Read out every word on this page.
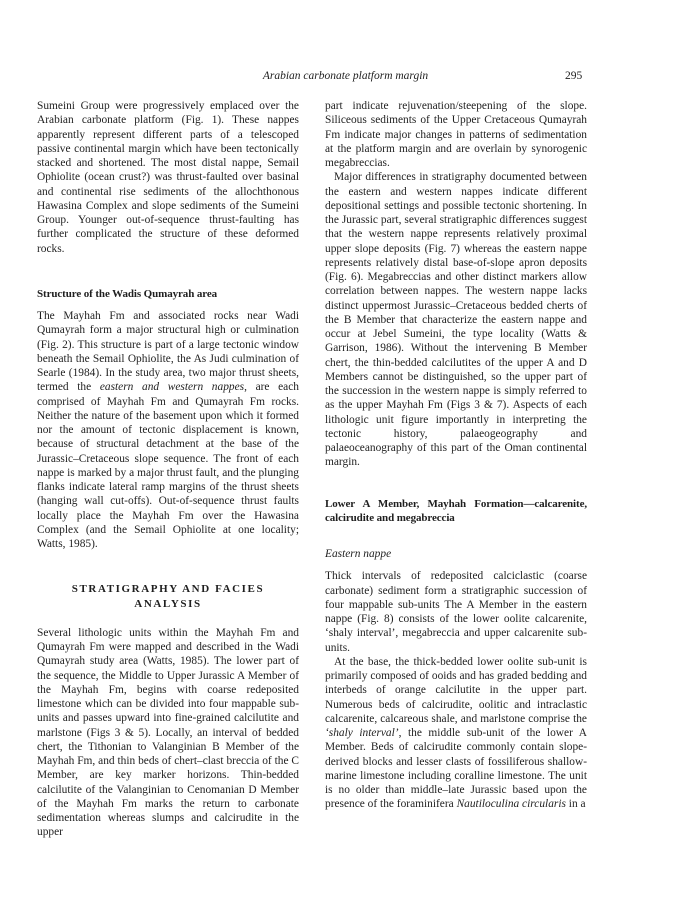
Arabian carbonate platform margin	295

Sumeini Group were progressively emplaced over the Arabian carbonate platform (Fig. 1). These nappes apparently represent different parts of a telescoped passive continental margin which have been tectonically stacked and shortened. The most distal nappe, Semail Ophiolite (ocean crust?) was thrust-faulted over basinal and continental rise sediments of the allochthonous Hawasina Complex and slope sediments of the Sumeini Group. Younger out-of-sequence thrust-faulting has further complicated the structure of these deformed rocks.

Structure of the Wadis Qumayrah area

The Mayhah Fm and associated rocks near Wadi Qumayrah form a major structural high or culmination (Fig. 2). This structure is part of a large tectonic window beneath the Semail Ophiolite, the As Judi culmination of Searle (1984). In the study area, two major thrust sheets, termed the eastern and western nappes, are each comprised of Mayhah Fm and Qumayrah Fm rocks. Neither the nature of the basement upon which it formed nor the amount of tectonic displacement is known, because of structural detachment at the base of the Jurassic–Cretaceous slope sequence. The front of each nappe is marked by a major thrust fault, and the plunging flanks indicate lateral ramp margins of the thrust sheets (hanging wall cut-offs). Out-of-sequence thrust faults locally place the Mayhah Fm over the Hawasina Complex (and the Semail Ophiolite at one locality; Watts, 1985).

STRATIGRAPHY AND FACIES ANALYSIS

Several lithologic units within the Mayhah Fm and Qumayrah Fm were mapped and described in the Wadi Qumayrah study area (Watts, 1985). The lower part of the sequence, the Middle to Upper Jurassic A Member of the Mayhah Fm, begins with coarse redeposited limestone which can be divided into four mappable sub-units and passes upward into fine-grained calcilutite and marlstone (Figs 3 & 5). Locally, an interval of bedded chert, the Tithonian to Valanginian B Member of the Mayhah Fm, and thin beds of chert–clast breccia of the C Member, are key marker horizons. Thin-bedded calcilutite of the Valanginian to Cenomanian D Member of the Mayhah Fm marks the return to carbonate sedimentation whereas slumps and calcirudite in the upper

part indicate rejuvenation/steepening of the slope. Siliceous sediments of the Upper Cretaceous Qumayrah Fm indicate major changes in patterns of sedimentation at the platform margin and are overlain by synorogenic megabreccias.

Major differences in stratigraphy documented between the eastern and western nappes indicate different depositional settings and possible tectonic shortening. In the Jurassic part, several stratigraphic differences suggest that the western nappe represents relatively proximal upper slope deposits (Fig. 7) whereas the eastern nappe represents relatively distal base-of-slope apron deposits (Fig. 6). Megabreccias and other distinct markers allow correlation between nappes. The western nappe lacks distinct uppermost Jurassic–Cretaceous bedded cherts of the B Member that characterize the eastern nappe and occur at Jebel Sumeini, the type locality (Watts & Garrison, 1986). Without the intervening B Member chert, the thin-bedded calcilutites of the upper A and D Members cannot be distinguished, so the upper part of the succession in the western nappe is simply referred to as the upper Mayhah Fm (Figs 3 & 7). Aspects of each lithologic unit figure importantly in interpreting the tectonic history, palaeogeography and palaeoceanography of this part of the Oman continental margin.

Lower A Member, Mayhah Formation—calcarenite, calcirudite and megabreccia

Eastern nappe

Thick intervals of redeposited calciclastic (coarse carbonate) sediment form a stratigraphic succession of four mappable sub-units The A Member in the eastern nappe (Fig. 8) consists of the lower oolite calcarenite, ‘shaly interval’, megabreccia and upper calcarenite sub-units.

At the base, the thick-bedded lower oolite sub-unit is primarily composed of ooids and has graded bedding and interbeds of orange calcilutite in the upper part. Numerous beds of calcirudite, oolitic and intraclastic calcarenite, calcareous shale, and marlstone comprise the ‘shaly interval’, the middle sub-unit of the lower A Member. Beds of calcirudite commonly contain slope-derived blocks and lesser clasts of fossiliferous shallow-marine limestone including coralline limestone. The unit is no older than middle–late Jurassic based upon the presence of the foraminifera Nautiloculina circularis in a
